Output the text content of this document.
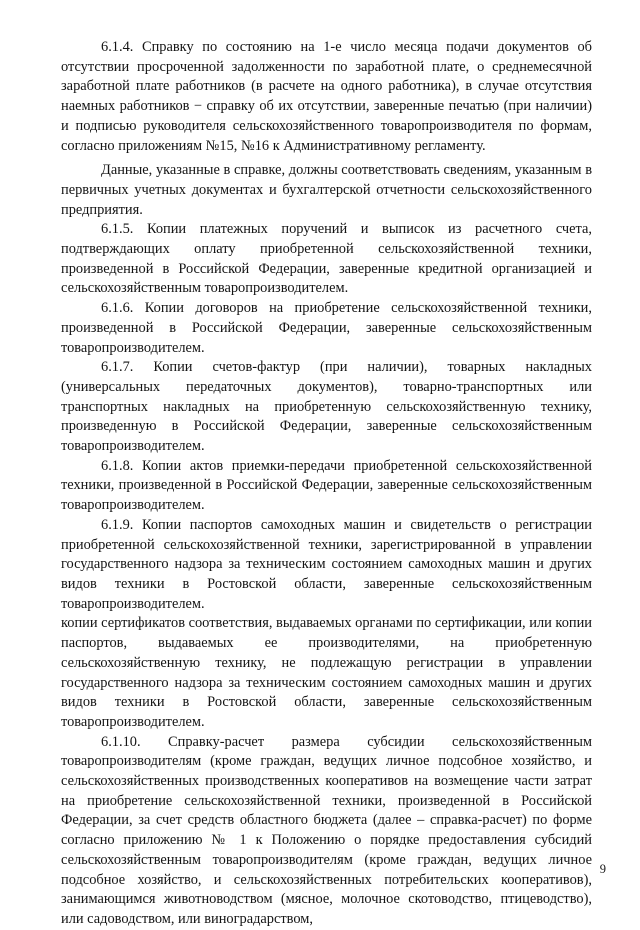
6.1.4. Справку по состоянию на 1-е число месяца подачи документов об отсутствии просроченной задолженности по заработной плате, о среднемесячной заработной плате работников (в расчете на одного работника), в случае отсутствия наемных работников − справку об их отсутствии, заверенные печатью (при наличии) и подписью руководителя сельскохозяйственного товаропроизводителя по формам, согласно приложениям №15, №16 к Административному регламенту.

Данные, указанные в справке, должны соответствовать сведениям, указанным в первичных учетных документах и бухгалтерской отчетности сельскохозяйственного предприятия.

6.1.5. Копии платежных поручений и выписок из расчетного счета, подтверждающих оплату приобретенной сельскохозяйственной техники, произведенной в Российской Федерации, заверенные кредитной организацией и сельскохозяйственным товаропроизводителем.

6.1.6. Копии договоров на приобретение сельскохозяйственной техники, произведенной в Российской Федерации, заверенные сельскохозяйственным товаропроизводителем.

6.1.7. Копии счетов-фактур (при наличии), товарных накладных (универсальных передаточных документов), товарно-транспортных или транспортных накладных на приобретенную сельскохозяйственную технику, произведенную в Российской Федерации, заверенные сельскохозяйственным товаропроизводителем.

6.1.8. Копии актов приемки-передачи приобретенной сельскохозяйственной техники, произведенной в Российской Федерации, заверенные сельскохозяйственным товаропроизводителем.

6.1.9. Копии паспортов самоходных машин и свидетельств о регистрации приобретенной сельскохозяйственной техники, зарегистрированной в управлении государственного надзора за техническим состоянием самоходных машин и других видов техники в Ростовской области, заверенные сельскохозяйственным товаропроизводителем.

копии сертификатов соответствия, выдаваемых органами по сертификации, или копии паспортов, выдаваемых ее производителями, на приобретенную сельскохозяйственную технику, не подлежащую регистрации в управлении государственного надзора за техническим состоянием самоходных машин и других видов техники в Ростовской области, заверенные сельскохозяйственным товаропроизводителем.

6.1.10. Справку-расчет размера субсидии сельскохозяйственным товаропроизводителям (кроме граждан, ведущих личное подсобное хозяйство, и сельскохозяйственных производственных кооперативов на возмещение части затрат на приобретение сельскохозяйственной техники, произведенной в Российской Федерации, за счет средств областного бюджета (далее – справка-расчет) по форме согласно приложению № 1 к Положению о порядке предоставления субсидий сельскохозяйственным товаропроизводителям (кроме граждан, ведущих личное подсобное хозяйство, и сельскохозяйственных потребительских кооперативов), занимающимся животноводством (мясное, молочное скотоводство, птицеводство), или садоводством, или виноградарством,

9
